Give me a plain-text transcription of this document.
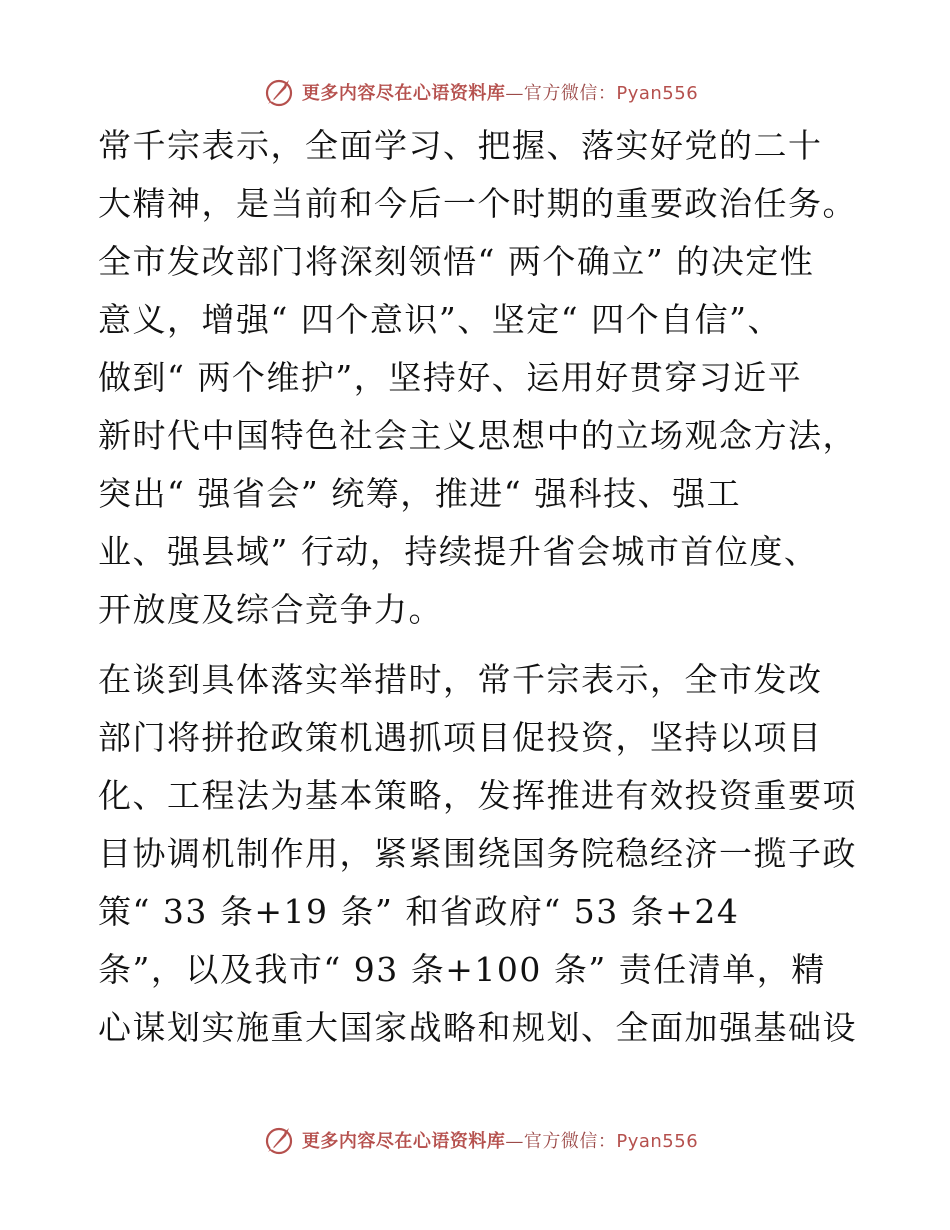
更多内容尽在心语资料库—官方微信：Pyan556
常千宗表示，全面学习、把握、落实好党的二十
大精神，是当前和今后一个时期的重要政治任务。
全市发改部门将深刻领悟“ 两个确立” 的决定性
意义，增强“ 四个意识”、坚定“ 四个自信”、
做到“ 两个维护”，坚持好、运用好贯穿习近平
新时代中国特色社会主义思想中的立场观念方法，
突出“ 强省会” 统筹，推进“ 强科技、强工
业、强县域” 行动，持续提升省会城市首位度、
开放度及综合竞争力。
在谈到具体落实举措时，常千宗表示，全市发改
部门将拼抢政策机遇抓项目促投资，坚持以项目
化、工程法为基本策略，发挥推进有效投资重要项
目协调机制作用，紧紧围绕国务院稳经济一揽子政
策“ 33 条+19 条” 和省政府“ 53 条+24
条”，以及我市“ 93 条+100 条” 责任清单，精
心谋划实施重大国家战略和规划、全面加强基础设
更多内容尽在心语资料库—官方微信：Pyan556
